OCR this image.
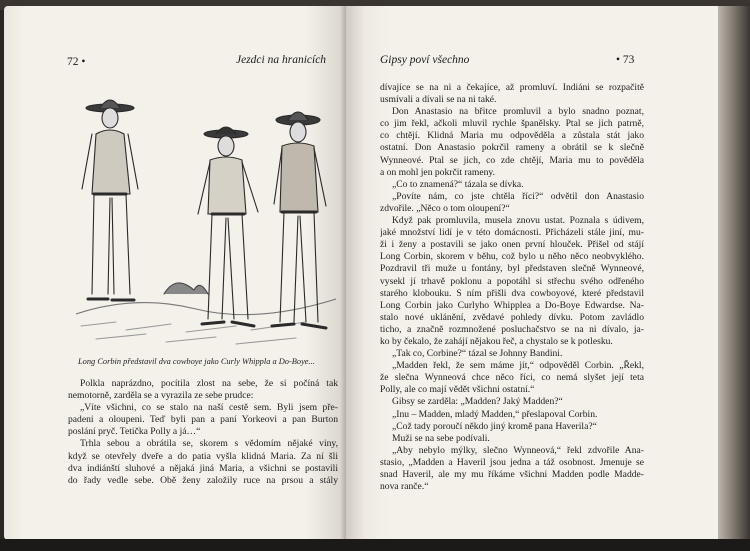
72 •	Jezdci na hranicích
Long Corbin představil dva cowboye jako Curly Whippla a Do-Boye...
Polkla naprázdno, pocítila zlost na sebe, že si počíná tak
nemotorně, zarděla se a vyrazila ze sebe prudce:
„Víte všichni, co se stalo na naší cestě sem. Byli jsem pře-
padeni a oloupeni. Teď byli pan a paní Yorkeovi a pan Burton
poslání pryč. Tetička Polly a já…“
Trhla sebou a obrátila se, skorem s vědomím nějaké viny,
když se otevřely dveře a do patia vyšla klidná Maria. Za ní šli
dva indiánští sluhové a nějaká jiná Maria, a všichni se postavili
do řady vedle sebe. Obě ženy založily ruce na prsou a stály
Gipsy poví všechno	• 73
dívajíce se na ni a čekajíce, až promluví. Indiáni se rozpačitě
usmívali a dívali se na ni také.
Don Anastasio na břitce promluvil a bylo snadno poznat,
co jim řekl, ačkoli mluvil rychle španělsky. Ptal se jich patrně,
co chtějí. Klidná Maria mu odpověděla a zůstala stát jako
ostatní. Don Anastasio pokrčil rameny a obrátil se k slečně
Wynneové. Ptal se jich, co zde chtějí, Maria mu to pověděla
a on mohl jen pokrčit rameny.
„Co to znamená?“ tázala se dívka.
„Povíte nám, co jste chtěla říci?“ odvětil don Anastasio
zdvořile. „Něco o tom oloupení?“
Když pak promluvila, musela znovu ustat. Poznala s údivem,
jaké množství lidí je v této domácnosti. Přicházeli stále jiní, mu-
ži i ženy a postavili se jako onen první hlouček. Přišel od stájí
Long Corbin, skorem v běhu, což bylo u něho něco neobvyklého.
Pozdravil tři muže u fontány, byl představen slečně Wynneové,
vysekl jí trhavě poklonu a popotáhl si střechu svého odřeného
starého klobouku. S ním přišli dva cowboyové, které představil
Long Corbin jako Curlyho Whipplea a Do-Boye Edwardse. Na-
stalo nové uklánění, zvědavé pohledy dívku. Potom zavládlo
ticho, a značně rozmnožené posluchačstvo se na ni dívalo, ja-
ko by čekalo, že zahájí nějakou řeč, a chystalo se k potlesku.
„Tak co, Corbine?“ tázal se Johnny Bandini.
„Madden řekl, že sem máme jít,“ odpověděl Corbin. „Řekl,
že slečna Wynneová chce něco říci, co nemá slyšet její teta
Polly, ale co mají vědět všichni ostatní.“
Gibsy se zarděla: „Madden? Jaký Madden?“
„Inu – Madden, mladý Madden,“ přeslapoval Corbin.
„Což tady poroučí někdo jiný kromě pana Haverila?“
Muži se na sebe podívali.
„Aby nebylo mýlky, slečno Wynneová,“ řekl zdvořile Ana-
stasio, „Madden a Haveril jsou jedna a táž osobnost. Jmenuje se
snad Haveril, ale my mu říkáme všichni Madden podle Madde-
nova ranče.“
